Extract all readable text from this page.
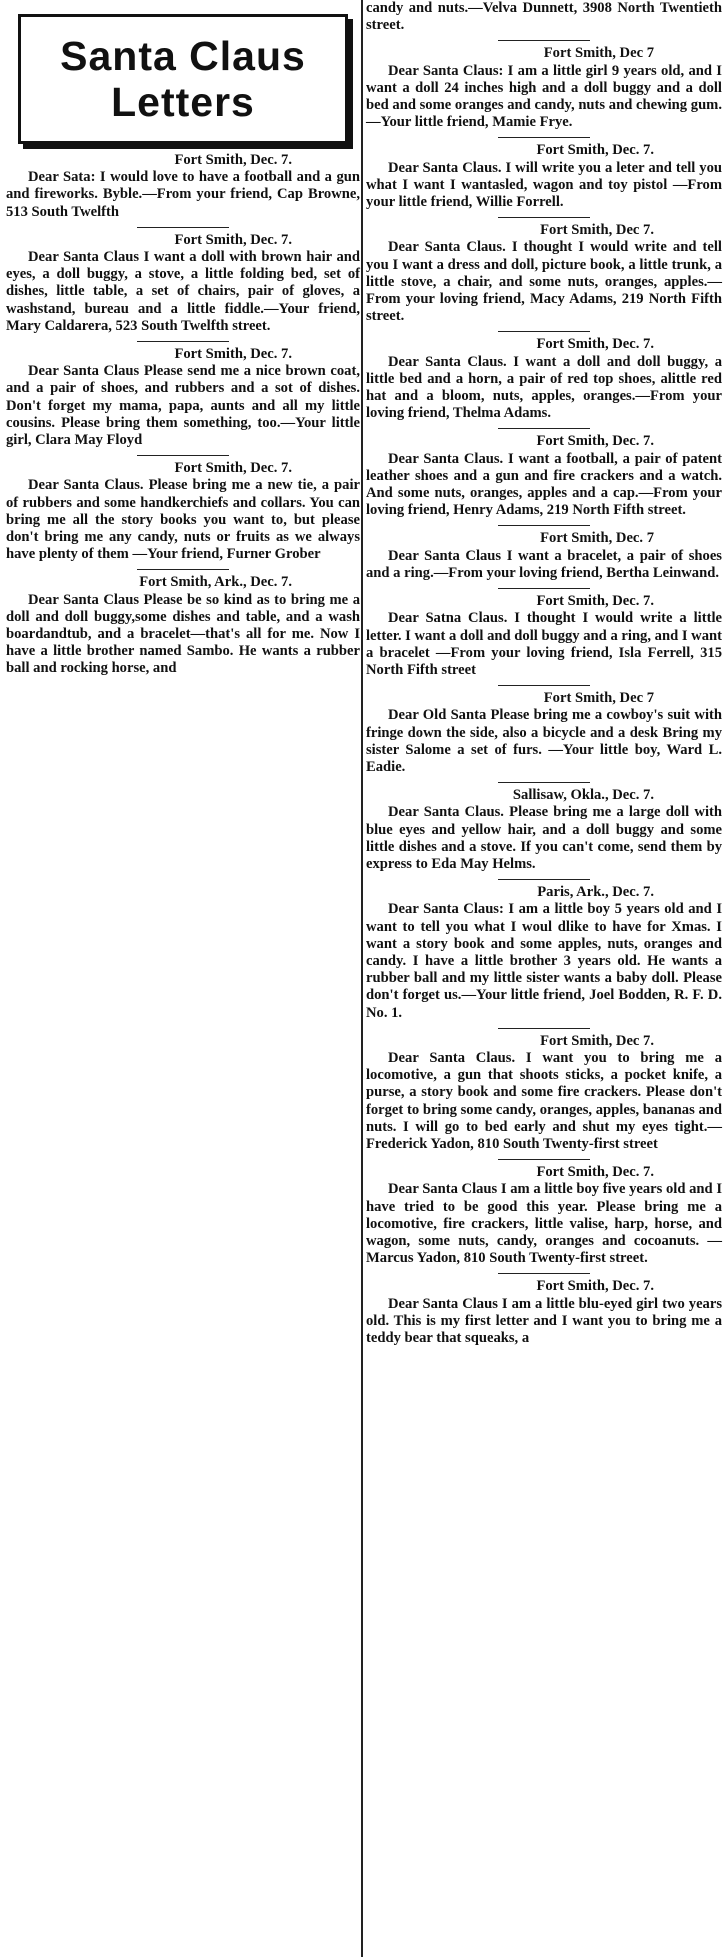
Santa Claus
Letters
Fort Smith, Dec. 7.
Dear Sata: I would love to have a football and a gun and fireworks. Byble.—From your friend, Cap Browne, 513 South Twelfth
Fort Smith, Dec. 7.
Dear Santa Claus I want a doll with brown hair and eyes, a doll buggy, a stove, a little folding bed, set of dishes, little table, a set of chairs, pair of gloves, a washstand, bureau and a little fiddle.—Your friend, Mary Caldarera, 523 South Twelfth street.
Fort Smith, Dec. 7.
Dear Santa Claus Please send me a nice brown coat, and a pair of shoes, and rubbers and a sot of dishes. Don't forget my mama, papa, aunts and all my little cousins. Please bring them something, too.—Your little girl, Clara May Floyd
Fort Smith, Dec. 7.
Dear Santa Claus. Please bring me a new tie, a pair of rubbers and some handkerchiefs and collars. You can bring me all the story books you want to, but please don't bring me any candy, nuts or fruits as we always have plenty of them —Your friend, Furner Grober
Fort Smith, Ark., Dec. 7.
Dear Santa Claus Please be so kind as to bring me a doll and doll buggy,some dishes and table, and a wash boardandtub, and a bracelet—that's all for me. Now I have a little brother named Sambo. He wants a rubber ball and rocking horse, and
candy and nuts.—Velva Dunnett, 3908 North Twentieth street.
Fort Smith, Dec 7
Dear Santa Claus: I am a little girl 9 years old, and I want a doll 24 inches high and a doll buggy and a doll bed and some oranges and candy, nuts and chewing gum.—Your little friend, Mamie Frye.
Fort Smith, Dec. 7.
Dear Santa Claus. I will write you a leter and tell you what I want I wantasled, wagon and toy pistol —From your little friend, Willie Forrell.
Fort Smith, Dec 7.
Dear Santa Claus. I thought I would write and tell you I want a dress and doll, picture book, a little trunk, a little stove, a chair, and some nuts, oranges, apples.—From your loving friend, Macy Adams, 219 North Fifth street.
Fort Smith, Dec. 7.
Dear Santa Claus. I want a doll and doll buggy, a little bed and a horn, a pair of red top shoes, alittle red hat and a bloom, nuts, apples, oranges.—From your loving friend, Thelma Adams.
Fort Smith, Dec. 7.
Dear Santa Claus. I want a football, a pair of patent leather shoes and a gun and fire crackers and a watch. And some nuts, oranges, apples and a cap.—From your loving friend, Henry Adams, 219 North Fifth street.
Fort Smith, Dec. 7
Dear Santa Claus I want a bracelet, a pair of shoes and a ring.—From your loving friend, Bertha Leinwand.
Fort Smith, Dec. 7.
Dear Satna Claus. I thought I would write a little letter. I want a doll and doll buggy and a ring, and I want a bracelet —From your loving friend, Isla Ferrell, 315 North Fifth street
Fort Smith, Dec 7
Dear Old Santa Please bring me a cowboy's suit with fringe down the side, also a bicycle and a desk Bring my sister Salome a set of furs. —Your little boy, Ward L. Eadie.
Sallisaw, Okla., Dec. 7.
Dear Santa Claus. Please bring me a large doll with blue eyes and yellow hair, and a doll buggy and some little dishes and a stove. If you can't come, send them by express to Eda May Helms.
Paris, Ark., Dec. 7.
Dear Santa Claus: I am a little boy 5 years old and I want to tell you what I woul dlike to have for Xmas. I want a story book and some apples, nuts, oranges and candy. I have a little brother 3 years old. He wants a rubber ball and my little sister wants a baby doll. Please don't forget us.—Your little friend, Joel Bodden, R. F. D. No. 1.
Fort Smith, Dec 7.
Dear Santa Claus. I want you to bring me a locomotive, a gun that shoots sticks, a pocket knife, a purse, a story book and some fire crackers. Please don't forget to bring some candy, oranges, apples, bananas and nuts. I will go to bed early and shut my eyes tight.—Frederick Yadon, 810 South Twenty-first street
Fort Smith, Dec. 7.
Dear Santa Claus I am a little boy five years old and I have tried to be good this year. Please bring me a locomotive, fire crackers, little valise, harp, horse, and wagon, some nuts, candy, oranges and cocoanuts. —Marcus Yadon, 810 South Twenty-first street.
Fort Smith, Dec. 7.
Dear Santa Claus I am a little blu-eyed girl two years old. This is my first letter and I want you to bring me a teddy bear that squeaks, a
